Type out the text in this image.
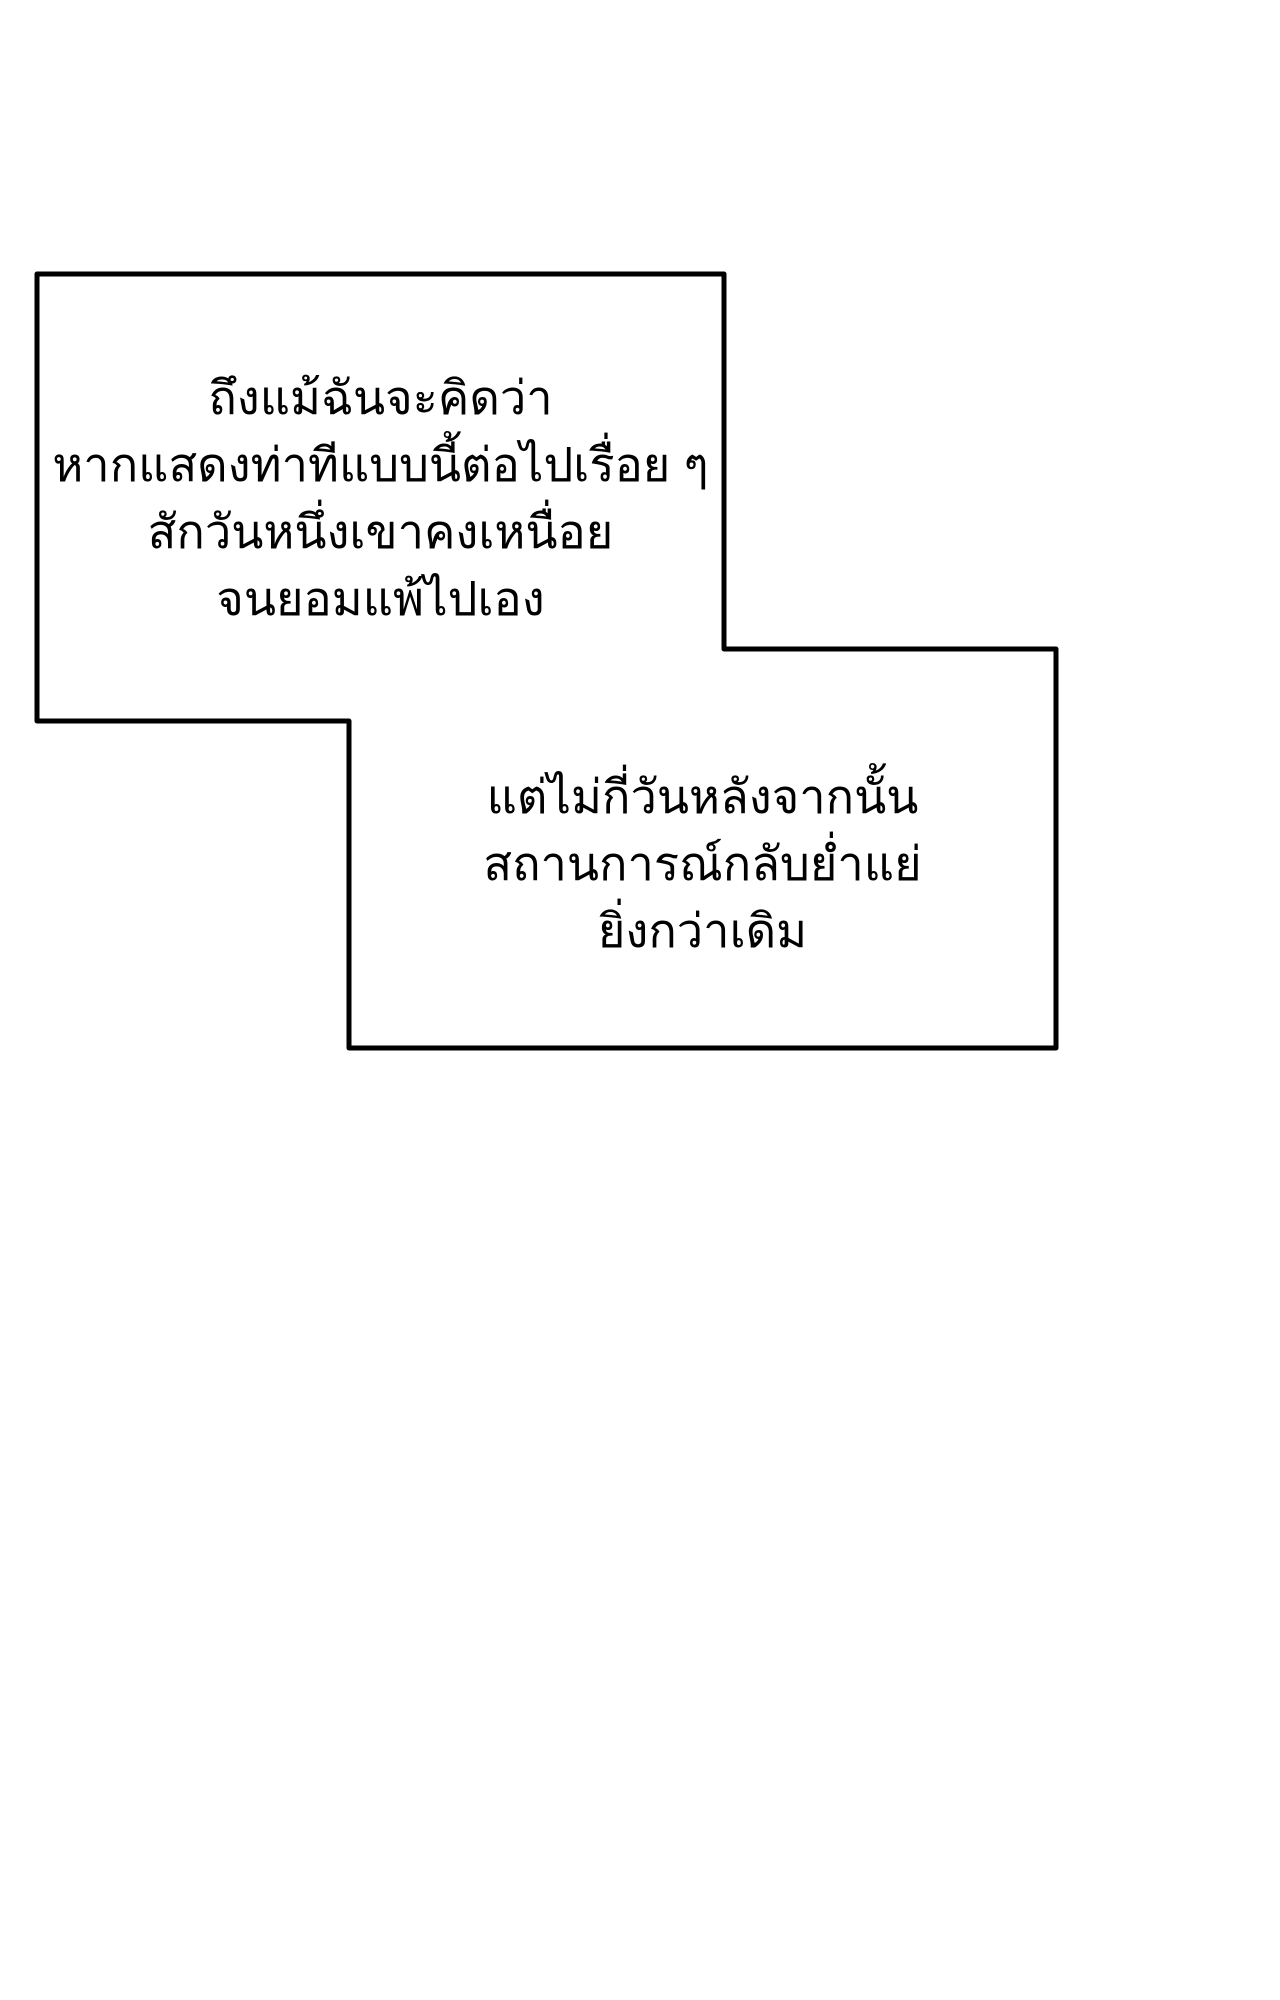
ถึงแม้ฉันจะคิดว่า
หากแสดงท่าทีแบบนี้ต่อไปเรื่อย ๆ
สักวันหนึ่งเขาคงเหนื่อย
จนยอมแพ้ไปเอง
แต่ไม่กี่วันหลังจากนั้น
สถานการณ์กลับย่ำแย่
ยิ่งกว่าเดิม
